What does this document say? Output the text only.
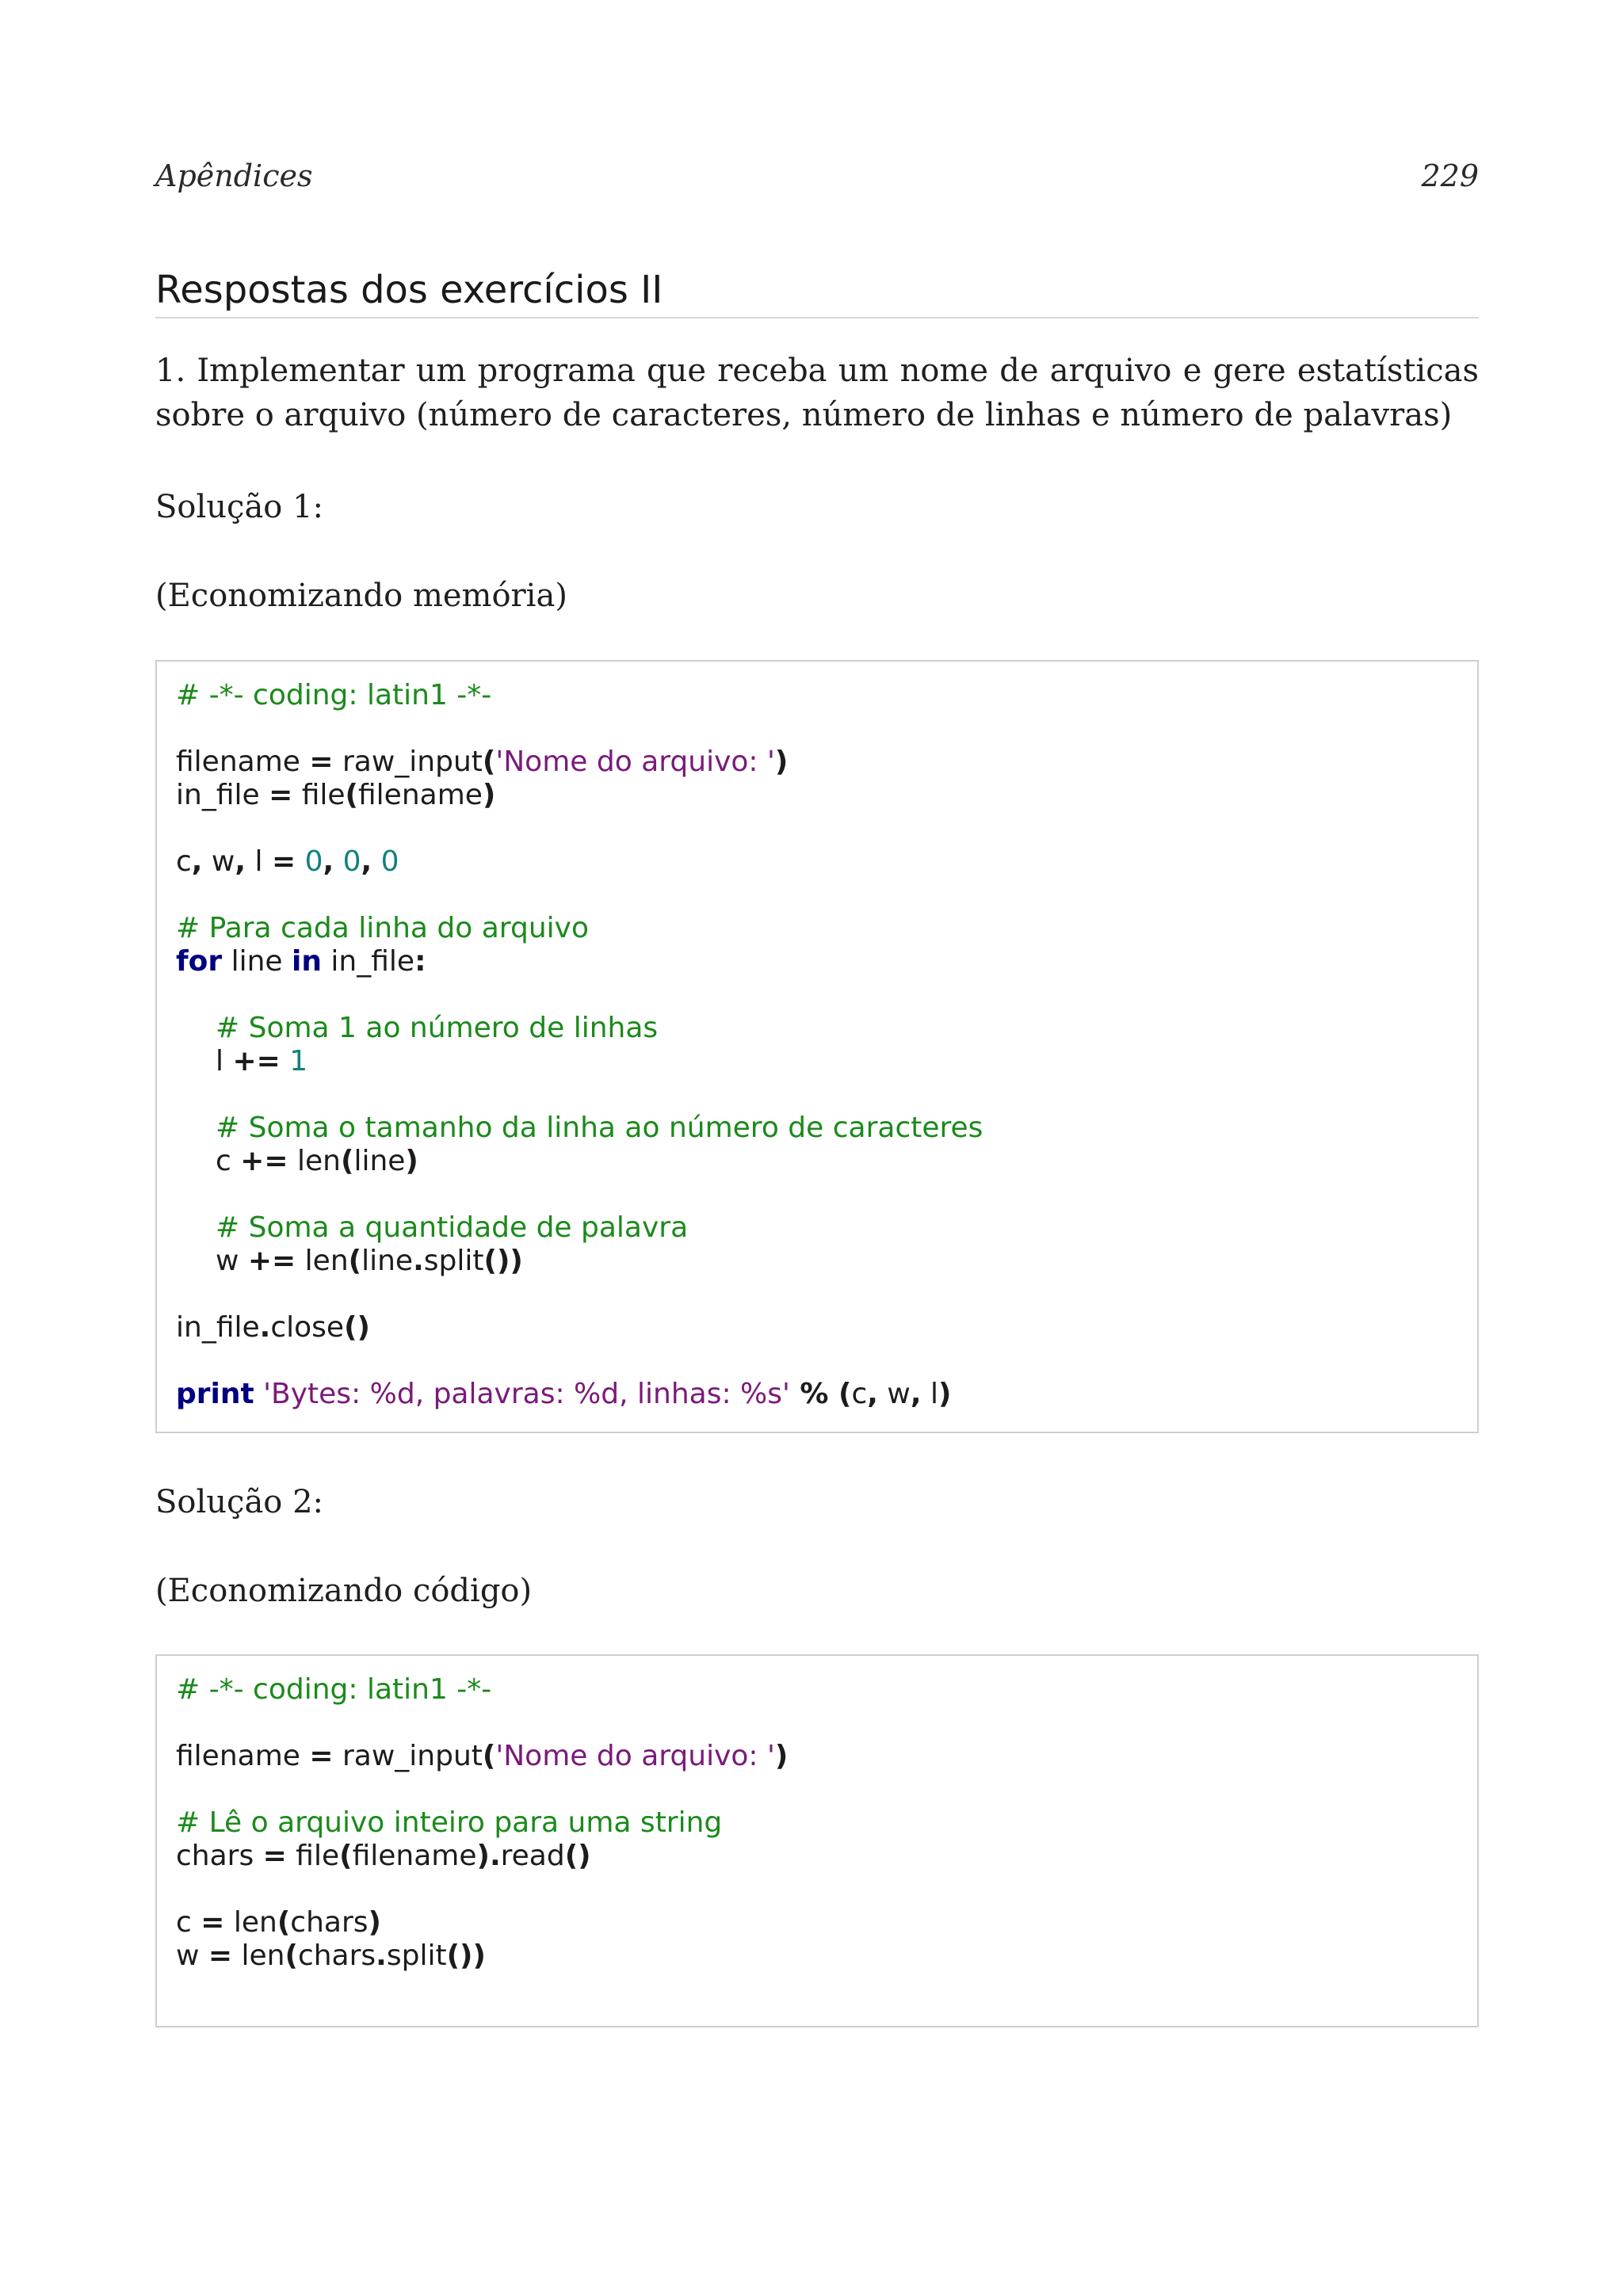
Apêndices	229
Respostas dos exercícios II
1. Implementar um programa que receba um nome de arquivo e gere estatísticas sobre o arquivo (número de caracteres, número de linhas e número de palavras)
Solução 1:
(Economizando memória)
# -*- coding: latin1 -*-
filename = raw_input('Nome do arquivo: ')
in_file = file(filename)
c, w, l = 0, 0, 0
# Para cada linha do arquivo
for line in in_file:
# Soma 1 ao número de linhas
l += 1
# Soma o tamanho da linha ao número de caracteres
c += len(line)
# Soma a quantidade de palavra
w += len(line.split())
in_file.close()
print 'Bytes: %d, palavras: %d, linhas: %s' % (c, w, l)
Solução 2:
(Economizando código)
# -*- coding: latin1 -*-
filename = raw_input('Nome do arquivo: ')
# Lê o arquivo inteiro para uma string
chars = file(filename).read()
c = len(chars)
w = len(chars.split())
